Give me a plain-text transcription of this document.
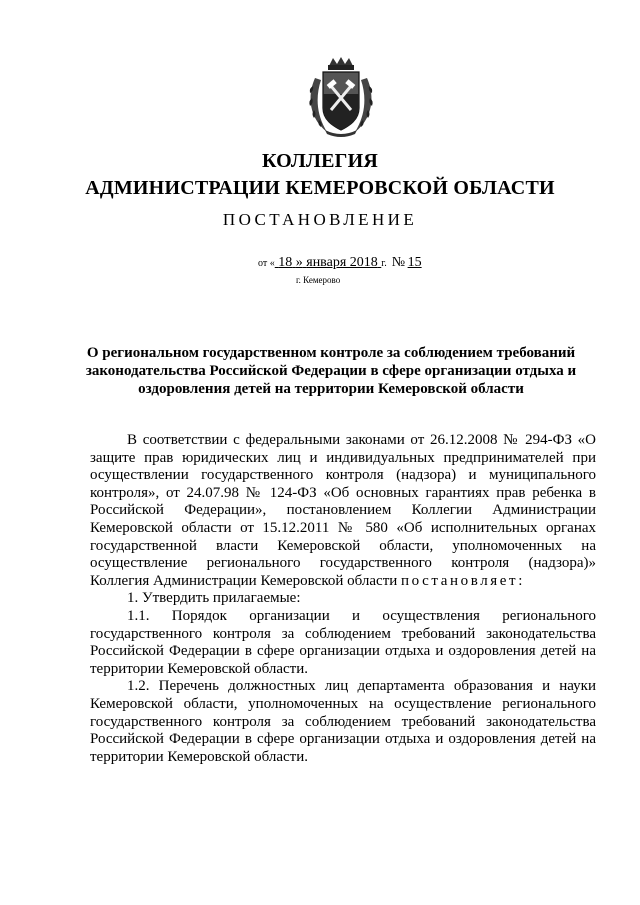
КОЛЛЕГИЯ
АДМИНИСТРАЦИИ КЕМЕРОВСКОЙ ОБЛАСТИ
ПОСТАНОВЛЕНИЕ
от « 18 » января 2018 г. № 15
г. Кемерово
О региональном государственном контроле за соблюдением требований законодательства Российской Федерации в сфере организации отдыха и оздоровления детей на территории Кемеровской области

В соответствии с федеральными законами от 26.12.2008 № 294-ФЗ «О защите прав юридических лиц и индивидуальных предпринимателей при осуществлении государственного контроля (надзора) и муниципального контроля», от 24.07.98 № 124-ФЗ «Об основных гарантиях прав ребенка в Российской Федерации», постановлением Коллегии Администрации Кемеровской области от 15.12.2011 № 580 «Об исполнительных органах государственной власти Кемеровской области, уполномоченных на осуществление регионального государственного контроля (надзора)» Коллегия Администрации Кемеровской области постановляет:

1. Утвердить прилагаемые:

1.1. Порядок организации и осуществления регионального государственного контроля за соблюдением требований законодательства Российской Федерации в сфере организации отдыха и оздоровления детей на территории Кемеровской области.

1.2. Перечень должностных лиц департамента образования и науки Кемеровской области, уполномоченных на осуществление регионального государственного контроля за соблюдением требований законодательства Российской Федерации в сфере организации отдыха и оздоровления детей на территории Кемеровской области.
